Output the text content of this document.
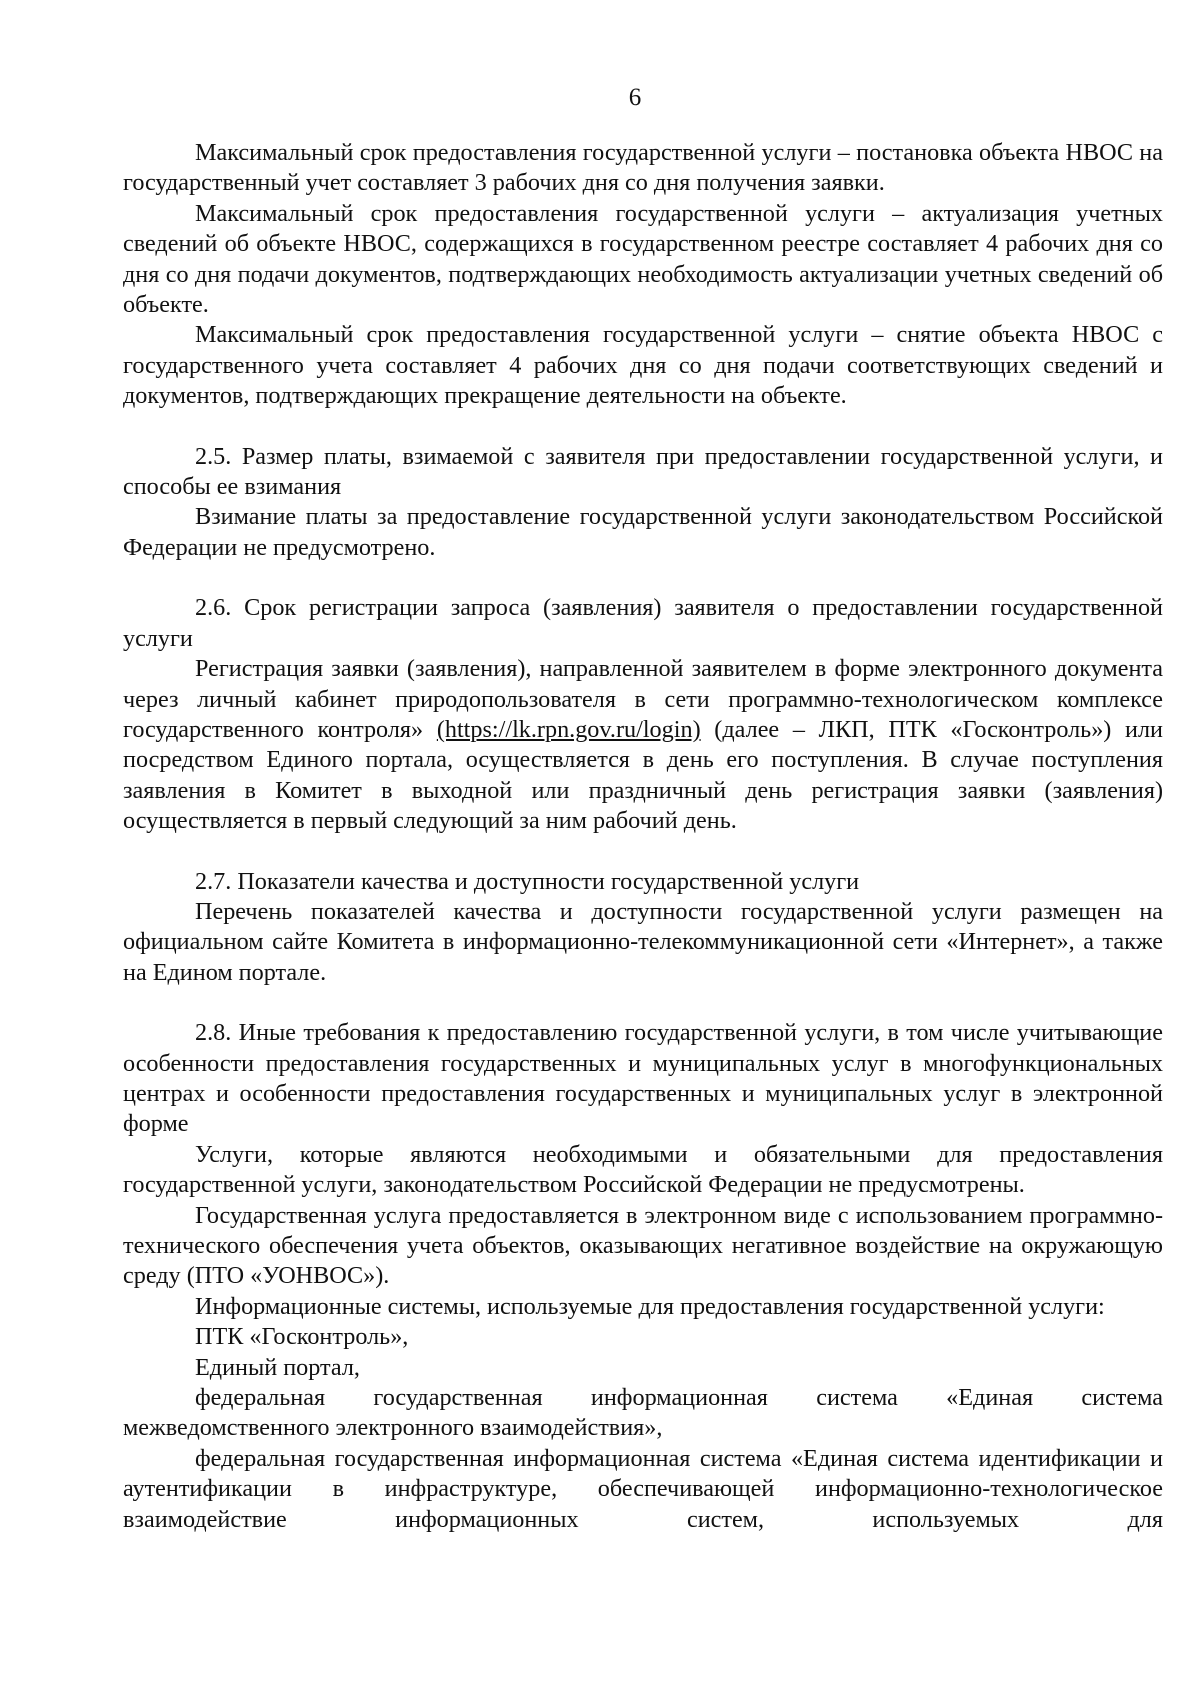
6

Максимальный срок предоставления государственной услуги – постановка объекта НВОС на государственный учет составляет 3 рабочих дня со дня получения заявки.

Максимальный срок предоставления государственной услуги – актуализация учетных сведений об объекте НВОС, содержащихся в государственном реестре составляет 4 рабочих дня со дня со дня подачи документов, подтверждающих необходимость актуализации учетных сведений об объекте.

Максимальный срок предоставления государственной услуги – снятие объекта НВОС с государственного учета составляет 4 рабочих дня со дня подачи соответствующих сведений и документов, подтверждающих прекращение деятельности на объекте.

2.5. Размер платы, взимаемой с заявителя при предоставлении государственной услуги, и способы ее взимания

Взимание платы за предоставление государственной услуги законодательством Российской Федерации не предусмотрено.

2.6. Срок регистрации запроса (заявления) заявителя о предоставлении государственной услуги

Регистрация заявки (заявления), направленной заявителем в форме электронного документа через личный кабинет природопользователя в сети программно-технологическом комплексе государственного контроля» (https://lk.rpn.gov.ru/login) (далее – ЛКП, ПТК «Госконтроль») или посредством Единого портала, осуществляется в день его поступления. В случае поступления заявления в Комитет в выходной или праздничный день регистрация заявки (заявления) осуществляется в первый следующий за ним рабочий день.

2.7. Показатели качества и доступности государственной услуги

Перечень показателей качества и доступности государственной услуги размещен на официальном сайте Комитета в информационно-телекоммуникационной сети «Интернет», а также на Едином портале.

2.8. Иные требования к предоставлению государственной услуги, в том числе учитывающие особенности предоставления государственных и муниципальных услуг в многофункциональных центрах и особенности предоставления государственных и муниципальных услуг в электронной форме

Услуги, которые являются необходимыми и обязательными для предоставления государственной услуги, законодательством Российской Федерации не предусмотрены.

Государственная услуга предоставляется в электронном виде с использованием программно-технического обеспечения учета объектов, оказывающих негативное воздействие на окружающую среду (ПТО «УОНВОС»).

Информационные системы, используемые для предоставления государственной услуги:

ПТК «Госконтроль»,

Единый портал,

федеральная государственная информационная система «Единая система межведомственного электронного взаимодействия»,

федеральная государственная информационная система «Единая система идентификации и аутентификации в инфраструктуре, обеспечивающей информационно-технологическое взаимодействие информационных систем, используемых для
